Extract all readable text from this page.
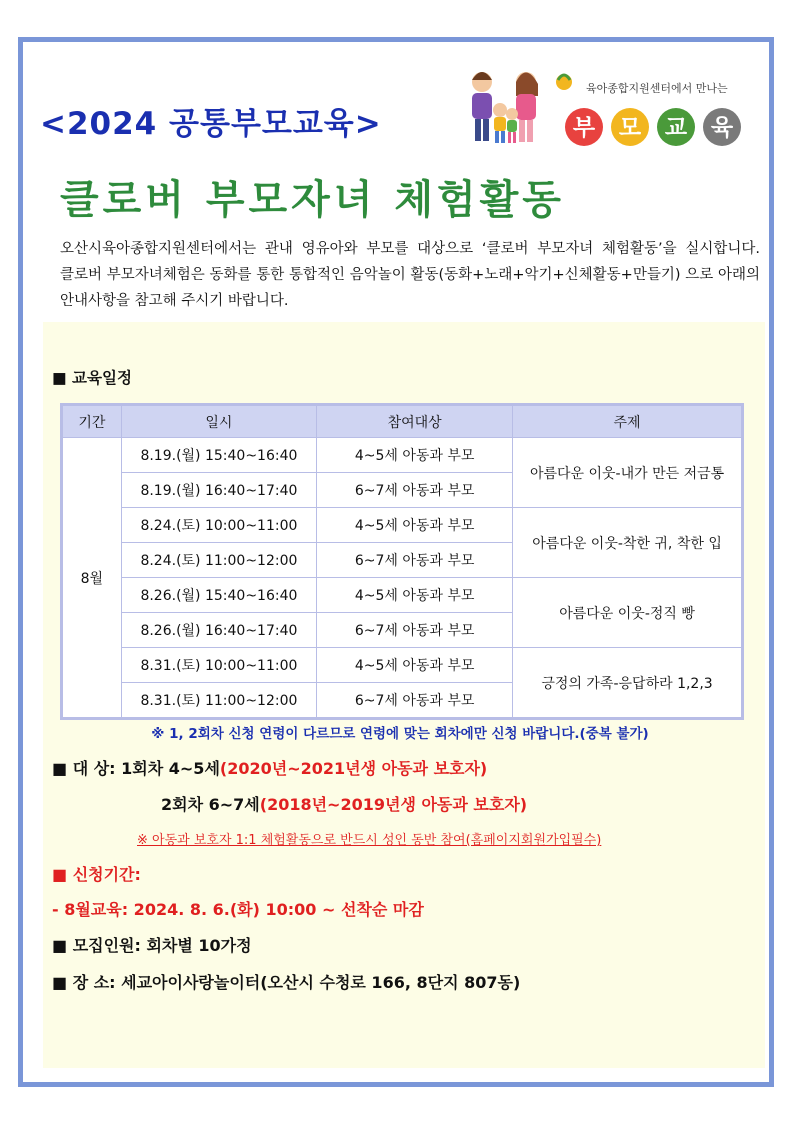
<2024 공통부모교육>	부 모 교 육
육아종합지원센터에서 만나는
클로버 부모자녀 체험활동
오산시육아종합지원센터에서는 관내 영유아와 부모를 대상으로 ‘클로버 부모자녀 체험활동’을 실시합니다. 클로버 부모자녀체험은 동화를 통한 통합적인 음악놀이 활동(동화+노래+악기+신체활동+만들기) 으로 아래의 안내사항을 참고해 주시기 바랍니다.
■ 교육일정
기간	일시	참여대상	주제
8월	8.19.(월) 15:40~16:40	4~5세 아동과 부모	아름다운 이웃-내가 만든 저금통
	8.19.(월) 16:40~17:40	6~7세 아동과 부모	
	8.24.(토) 10:00~11:00	4~5세 아동과 부모	아름다운 이웃-착한 귀, 착한 입
	8.24.(토) 11:00~12:00	6~7세 아동과 부모	
	8.26.(월) 15:40~16:40	4~5세 아동과 부모	아름다운 이웃-정직 빵
	8.26.(월) 16:40~17:40	6~7세 아동과 부모	
	8.31.(토) 10:00~11:00	4~5세 아동과 부모	긍정의 가족-응답하라 1,2,3
	8.31.(토) 11:00~12:00	6~7세 아동과 부모	
※ 1, 2회차 신청 연령이 다르므로 연령에 맞는 회차에만 신청 바랍니다.(중복 불가)
■ 대 상: 1회차 4~5세(2020년~2021년생 아동과 보호자)
2회차 6~7세(2018년~2019년생 아동과 보호자)
※ 아동과 보호자 1:1 체험활동으로 반드시 성인 동반 참여(홈페이지회원가입필수)
■ 신청기간:
- 8월교육: 2024. 8. 6.(화) 10:00 ~ 선착순 마감
■ 모집인원: 회차별 10가정
■ 장 소: 세교아이사랑놀이터(오산시 수청로 166, 8단지 807동)
